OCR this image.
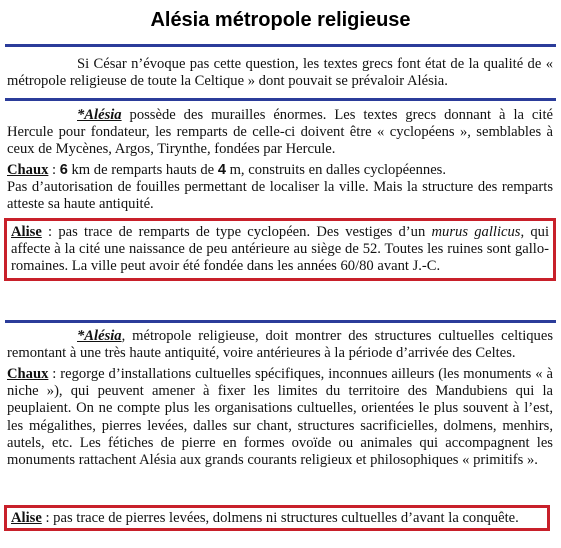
Alésia métropole religieuse

Si César n’évoque pas cette question, les textes grecs font état de la qualité de « métropole religieuse de toute la Celtique » dont pouvait se prévaloir Alésia.

*Alésia possède des murailles énormes. Les textes grecs donnant à la cité Hercule pour fondateur, les remparts de celle-ci doivent être « cyclopéens », semblables à ceux de Mycènes, Argos, Tirynthe, fondées par Hercule.

Chaux : 6 km de remparts hauts de 4 m, construits en dalles cyclopéennes.

Pas d’autorisation de fouilles permettant de localiser la ville. Mais la structure des remparts atteste sa haute antiquité.

Alise : pas trace de remparts de type cyclopéen. Des vestiges d’un murus gallicus, qui affecte à la cité une naissance de peu antérieure au siège de 52. Toutes les ruines sont gallo-romaines. La ville peut avoir été fondée dans les années 60/80 avant J.-C.

*Alésia, métropole religieuse, doit montrer des structures cultuelles celtiques remontant à une très haute antiquité, voire antérieures à la période d’arrivée des Celtes.

Chaux : regorge d’installations cultuelles spécifiques, inconnues ailleurs (les monuments « à niche »), qui peuvent amener à fixer les limites du territoire des Mandubiens qui la peuplaient. On ne compte plus les organisations cultuelles, orientées le plus souvent à l’est, les mégalithes, pierres levées, dalles sur chant, structures sacrificielles, dolmens, menhirs, autels, etc. Les fétiches de pierre en formes ovoïde ou animales qui accompagnent les monuments rattachent Alésia aux grands courants religieux et philosophiques « primitifs ».

Alise : pas trace de pierres levées, dolmens ni structures cultuelles d’avant la conquête.
